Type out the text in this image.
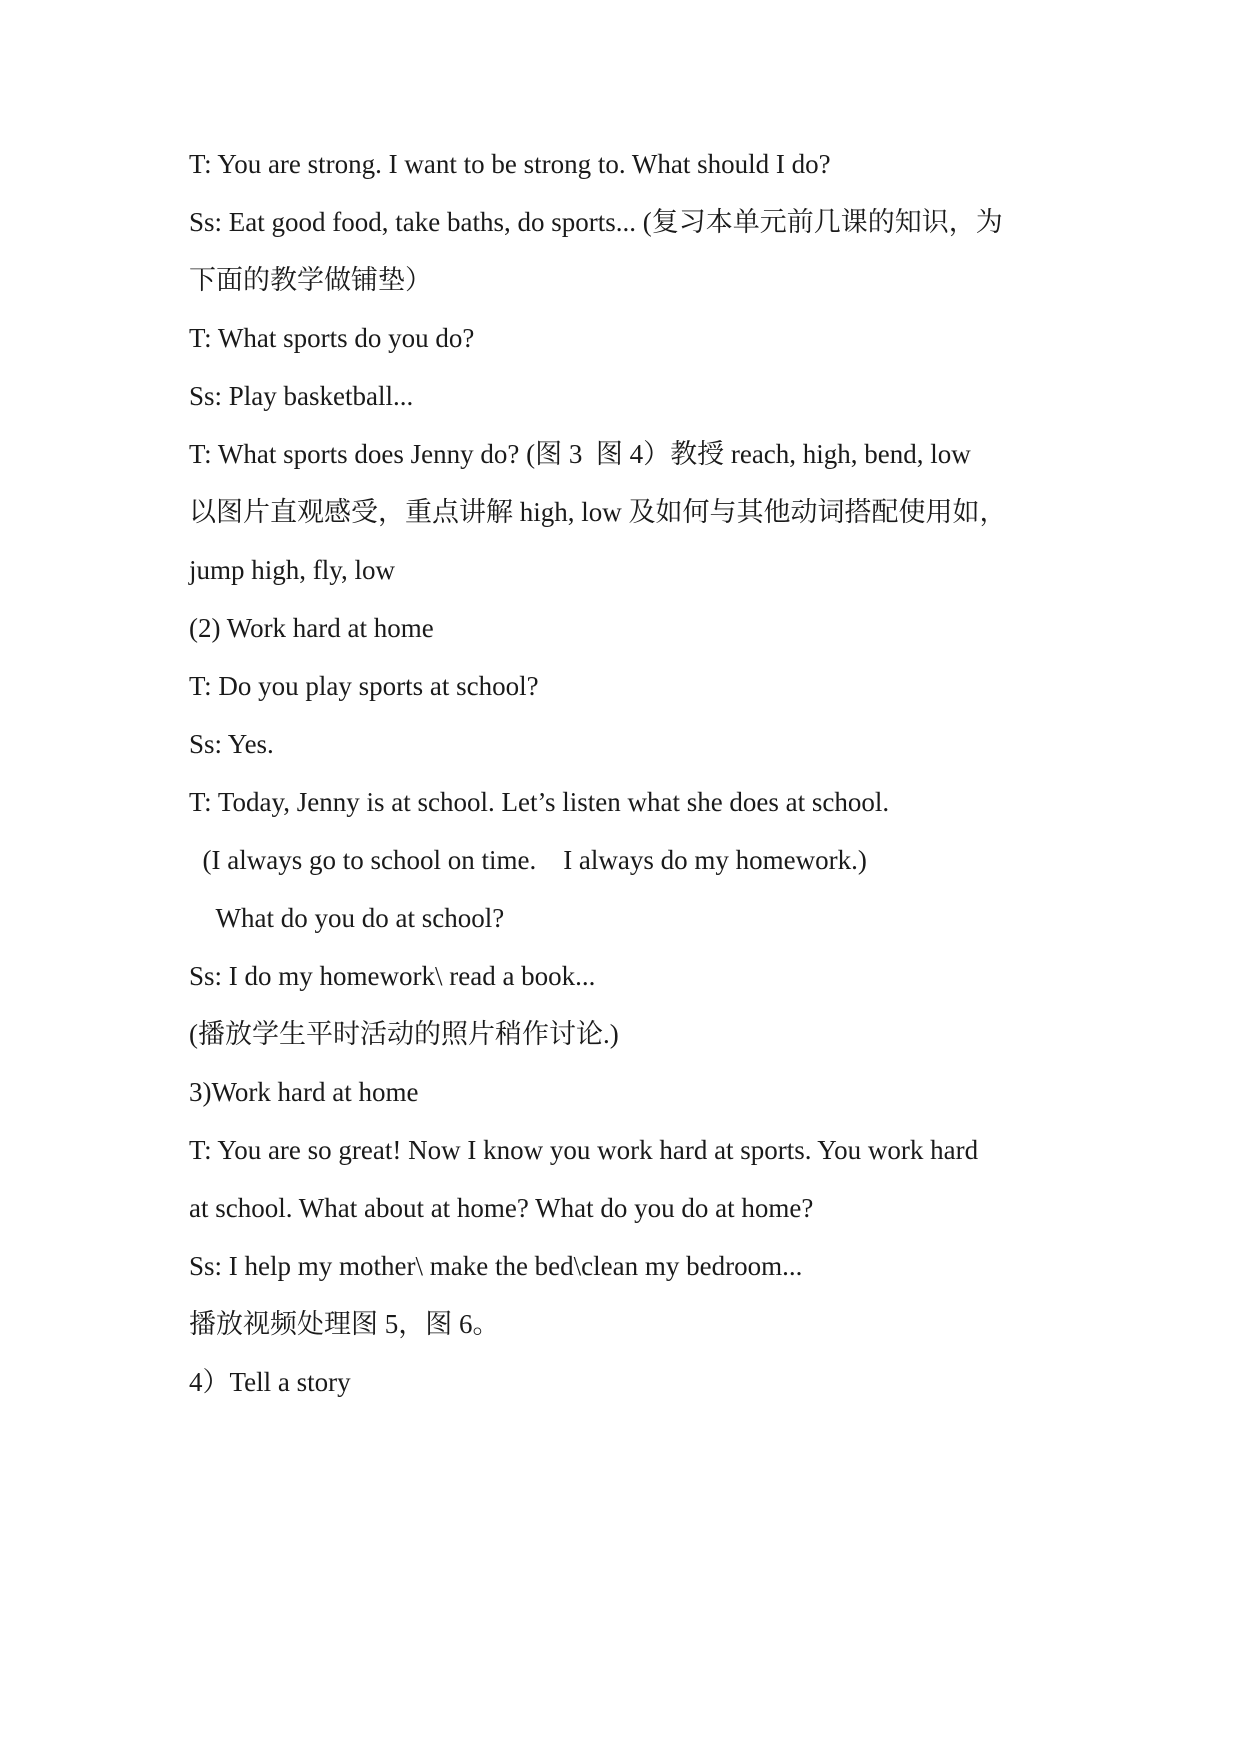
T: You are strong. I want to be strong to. What should I do?

Ss: Eat good food, take baths, do sports... (复习本单元前几课的知识，为

下面的教学做铺垫）

T: What sports do you do?

Ss: Play basketball...

T: What sports does Jenny do? (图 3  图 4）教授 reach, high, bend, low

以图片直观感受，重点讲解 high, low 及如何与其他动词搭配使用如，

jump high, fly, low

(2) Work hard at home

T: Do you play sports at school?

Ss: Yes.

T: Today, Jenny is at school. Let’s listen what she does at school.

(I always go to school on time.    I always do my homework.)

What do you do at school?

Ss: I do my homework\ read a book...

(播放学生平时活动的照片稍作讨论.)

3)Work hard at home

T: You are so great! Now I know you work hard at sports. You work hard

at school. What about at home? What do you do at home?

Ss: I help my mother\ make the bed\clean my bedroom...

播放视频处理图 5，图 6。

4）Tell a story
